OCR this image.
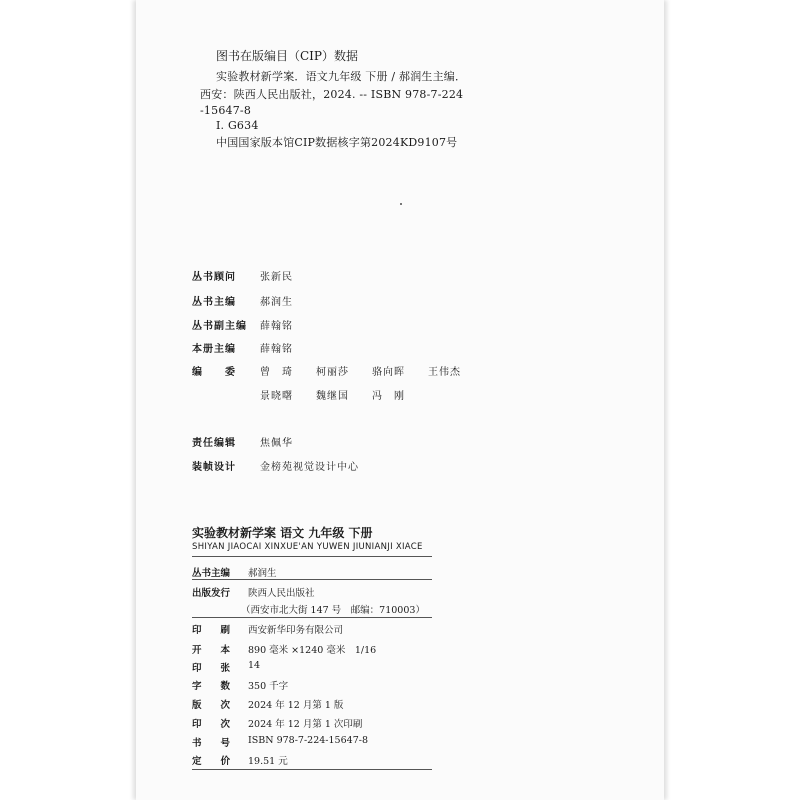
图书在版编目（CIP）数据
实验教材新学案．语文九年级 下册 / 郝润生主编．
西安：陕西人民出版社，2024. -- ISBN 978-7-224
-15647-8
Ⅰ. G634
中国国家版本馆CIP数据核字第2024KD9107号
丛书顾问 张新民
丛书主编 郝润生
丛书副主编 薛翰铭
本册主编 薛翰铭
编　　委 曾　琦 柯丽莎 骆向晖 王伟杰
景晓曙 魏继国 冯　刚
责任编辑 焦佩华
装帧设计 金榜苑视觉设计中心
实验教材新学案 语文 九年级 下册
SHIYAN JIAOCAI XINXUE'AN YUWEN JIUNIANJI XIACE
丛书主编 郝润生
出版发行 陕西人民出版社
（西安市北大街 147 号　邮编：710003）
印　　刷 西安新华印务有限公司
开　　本 890 毫米 ×1240 毫米　1/16
印　　张 14
字　　数 350 千字
版　　次 2024 年 12 月第 1 版
印　　次 2024 年 12 月第 1 次印刷
书　　号 ISBN 978-7-224-15647-8
定　　价 19.51 元
